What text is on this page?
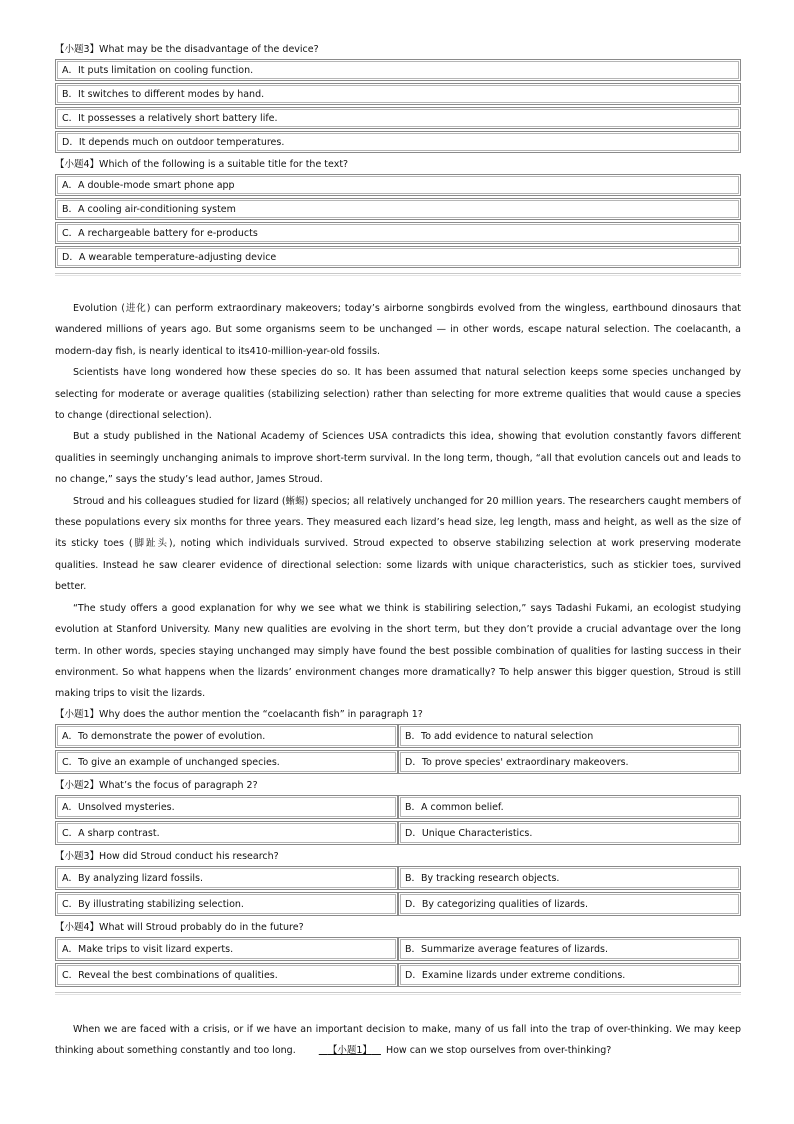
【小题3】What may be the disadvantage of the device?
A．It puts limitation on cooling function.
B．It switches to different modes by hand.
C．It possesses a relatively short battery life.
D．It depends much on outdoor temperatures.
【小题4】Which of the following is a suitable title for the text?
A．A double-mode smart phone app
B．A cooling air-conditioning system
C．A rechargeable battery for e-products
D．A wearable temperature-adjusting device

Evolution (进化) can perform extraordinary makeovers; today’s airborne songbirds evolved from the wingless, earthbound dinosaurs that wandered millions of years ago. But some organisms seem to be unchanged — in other words, escape natural selection. The coelacanth, a modern-day fish, is nearly identical to its410-million-year-old fossils.

Scientists have long wondered how these species do so. It has been assumed that natural selection keeps some species unchanged by selecting for moderate or average qualities (stabilizing selection) rather than selecting for more extreme qualities that would cause a species to change (directional selection).

But a study published in the National Academy of Sciences USA contradicts this idea, showing that evolution constantly favors different qualities in seemingly unchanging animals to improve short-term survival. In the long term, though, “all that evolution cancels out and leads to no change,” says the study’s lead author, James Stroud.

Stroud and his colleagues studied for lizard (蜥蜴) specios; all relatively unchanged for 20 million years. The researchers caught members of these populations every six months for three years. They measured each lizard’s head size, leg length, mass and height, as well as the size of its sticky toes (脚趾头), noting which individuals survived. Stroud expected to observe stabilızing selection at work preserving moderate qualities. Instead he saw clearer evidence of directional selection: some lizards with unique characteristics, such as stickier toes, survived better.

“The study offers a good explanation for why we see what we think is stabiliring selection,” says Tadashi Fukami, an ecologist studying evolution at Stanford University. Many new qualities are evolving in the short term, but they don’t provide a crucial advantage over the long term. In other words, species staying unchanged may simply have found the best possible combination of qualities for lasting success in their environment. So what happens when the lizards’ environment changes more dramatically? To help answer this bigger question, Stroud is still making trips to visit the lizards.

【小题1】Why does the author mention the “coelacanth fish” in paragraph 1?
A．To demonstrate the power of evolution.	B．To add evidence to natural selection
C．To give an example of unchanged species.	D．To prove species' extraordinary makeovers.
【小题2】What’s the focus of paragraph 2?
A．Unsolved mysteries.	B．A common belief.
C．A sharp contrast.	D．Unique Characteristics.
【小题3】How did Stroud conduct his research?
A．By analyzing lizard fossils.	B．By tracking research objects.
C．By illustrating stabilizing selection.	D．By categorizing qualities of lizards.
【小题4】What will Stroud probably do in the future?
A．Make trips to visit lizard experts.	B．Summarize average features of lizards.
C．Reveal the best combinations of qualities.	D．Examine lizards under extreme conditions.

When we are faced with a crisis, or if we have an important decision to make, many of us fall into the trap of over-thinking. We may keep thinking about something constantly and too long.	【小题1】 How can we stop ourselves from over-thinking?
